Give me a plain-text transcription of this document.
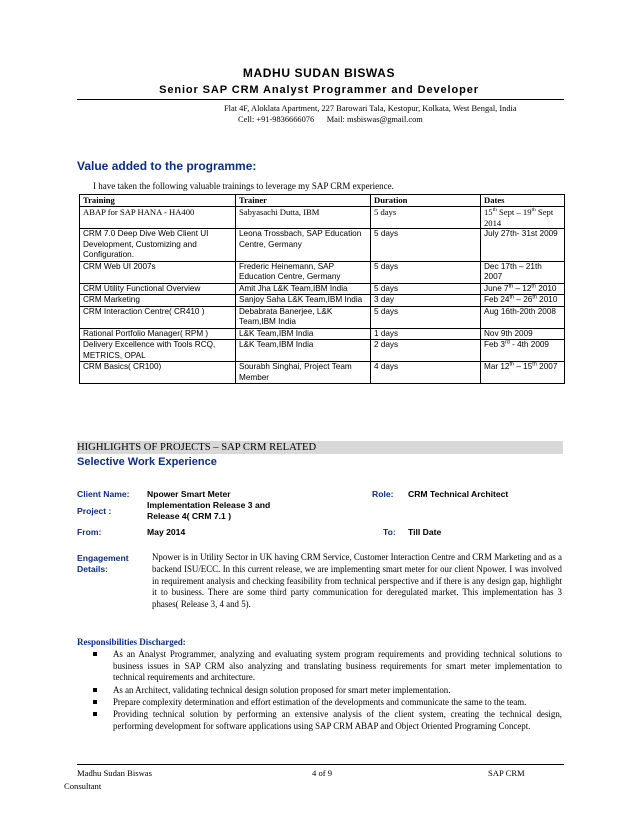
MADHU SUDAN BISWAS
Senior SAP CRM Analyst Programmer and Developer
Flat 4F, Aloklata Apartment, 227 Barowari Tala, Kestopur, Kolkata, West Bengal, India
Cell: +91-9836666076      Mail: msbiswas@gmail.com
Value added to the programme:
I have taken the following valuable trainings to leverage my SAP CRM experience.
Training	Trainer	Duration	Dates
ABAP for SAP HANA - HA400	Sabyasachi Dutta, IBM	5 days	15th Sept – 19th Sept 2014
CRM 7.0 Deep Dive Web Client UI Development, Customizing and Configuration.	Leona Trossbach, SAP Education Centre, Germany	5 days	July 27th- 31st 2009
CRM Web UI 2007s	Frederic Heinemann, SAP Education Centre, Germany	5 days	Dec 17th – 21th 2007
CRM Utility Functional Overview	Amit Jha L&K Team,IBM India	5 days	June 7th – 12th 2010
CRM Marketing	Sanjoy Saha L&K Team,IBM India	3 day	Feb 24th – 26th 2010
CRM Interaction Centre( CR410 )	Debabrata Banerjee, L&K Team,IBM India	5 days	Aug 16th-20th 2008
Rational Portfolio Manager( RPM )	L&K Team,IBM India	1 days	Nov 9th 2009
Delivery Excellence with Tools RCQ, METRICS, OPAL	L&K Team,IBM India	2 days	Feb 3rd - 4th 2009
CRM Basics( CR100)	Sourabh Singhai, Project Team Member	4 days	Mar 12th – 15th 2007
HIGHLIGHTS OF PROJECTS – SAP CRM RELATED
Selective Work Experience
Client Name: Npower Smart Meter	Role: CRM Technical Architect
Project :
Implementation Release 3 and Release 4( CRM 7.1 )
From:	May 2014	To: Till Date
Engagement Details:
Npower is in Utility Sector in UK having CRM Service, Customer Interaction Centre and CRM Marketing and as a backend ISU/ECC. In this current release, we are implementing smart meter for our client Npower. I was involved in requirement analysis and checking feasibility from technical perspective and if there is any design gap, highlight it to business. There are some third party communication for deregulated market. This implementation has 3 phases( Release 3, 4 and 5).
Responsibilities Discharged:
As an Analyst Programmer, analyzing and evaluating system program requirements and providing technical solutions to business issues in SAP CRM also analyzing and translating business requirements for smart meter implementation to technical requirements and architecture.
As an Architect, validating technical design solution proposed for smart meter implementation.
Prepare complexity determination and effort estimation of the developments and communicate the same to the team.
Providing technical solution by performing an extensive analysis of the client system, creating the technical design, performing development for software applications using SAP CRM ABAP and Object Oriented Programing Concept.
Madhu Sudan Biswas	4 of 9	SAP CRM
Consultant
